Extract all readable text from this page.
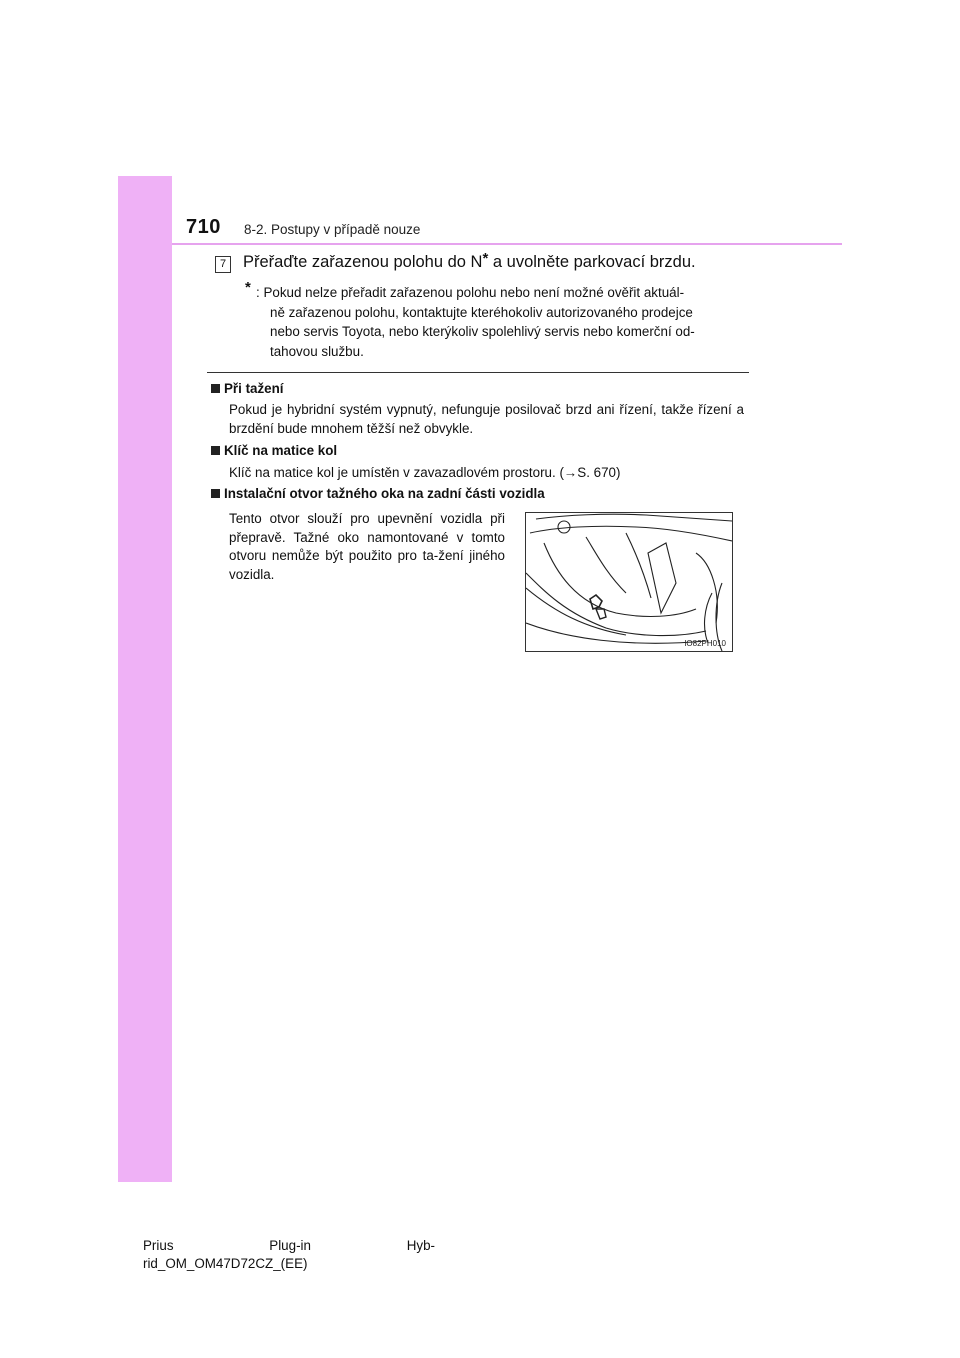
710 8-2. Postupy v případě nouze
7 Přeřaďte zařazenou polohu do N* a uvolněte parkovací brzdu.
* : Pokud nelze přeřadit zařazenou polohu nebo není možné ověřit aktuál-
ně zařazenou polohu, kontaktujte kteréhokoliv autorizovaného prodejce
nebo servis Toyota, nebo kterýkoliv spolehlivý servis nebo komerční od-
tahovou službu.
Při tažení
Pokud je hybridní systém vypnutý, nefunguje posilovač brzd ani řízení, takže řízení a brzdění bude mnohem těžší než obvykle.
Klíč na matice kol
Klíč na matice kol je umístěn v zavazadlovém prostoru. (→S. 670)
Instalační otvor tažného oka na zadní části vozidla
Tento otvor slouží pro upevnění vozidla při přepravě. Tažné oko namontované v tomto otvoru nemůže být použito pro ta-žení jiného vozidla.
IO82PH010
Prius	Plug-in	Hyb-
rid_OM_OM47D72CZ_(EE)
